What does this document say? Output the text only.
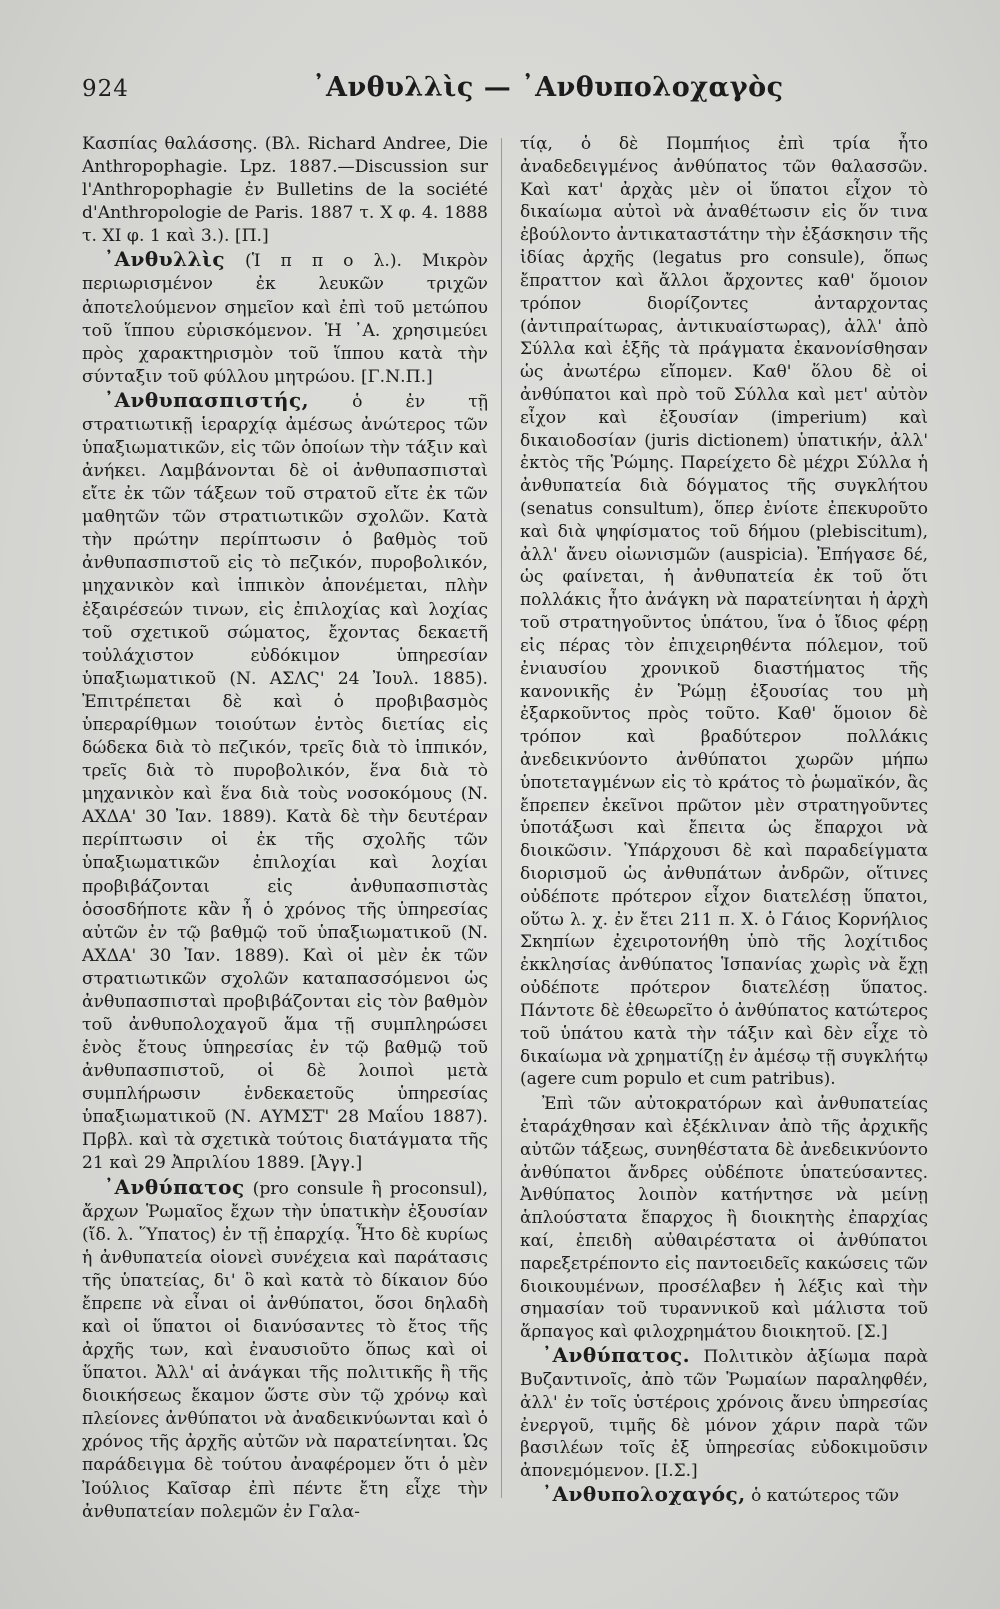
924	᾿Ανθυλλὶς — ᾿Ανθυπολοχαγὸς

Κασπίας θαλάσσης. (Βλ. Richard Andree, Die Anthropophagie. Lpz. 1887.—Discussion sur l'Anthropophagie ἐν Bulletins de la société d'Anthropologie de Paris. 1887 τ. X φ. 4. 1888 τ. XI φ. 1 καὶ 3.). [Π.]

᾿Ανθυλλὶς (Ἱ π π ο λ.). Μικρὸν περιωρισμένον ἐκ λευκῶν τριχῶν ἀποτελούμενον σημεῖον καὶ ἐπὶ τοῦ μετώπου τοῦ ἵππου εὑρισκόμενον. Ἡ ᾿Α. χρησιμεύει πρὸς χαρακτηρισμὸν τοῦ ἵππου κατὰ τὴν σύνταξιν τοῦ φύλλου μητρώου. [Γ.Ν.Π.]

᾿Ανθυπασπιστής, ὁ ἐν τῇ στρατιωτικῇ ἱεραρχίᾳ ἀμέσως ἀνώτερος τῶν ὑπαξιωματικῶν, εἰς τῶν ὁποίων τὴν τάξιν καὶ ἀνήκει. Λαμβάνονται δὲ οἱ ἀνθυπασπισταὶ εἴτε ἐκ τῶν τάξεων τοῦ στρατοῦ εἴτε ἐκ τῶν μαθητῶν τῶν στρατιωτικῶν σχολῶν. Κατὰ τὴν πρώτην περίπτωσιν ὁ βαθμὸς τοῦ ἀνθυπασπιστοῦ εἰς τὸ πεζικόν, πυροβολικόν, μηχανικὸν καὶ ἱππικὸν ἀπονέμεται, πλὴν ἐξαιρέσεών τινων, εἰς ἐπιλοχίας καὶ λοχίας τοῦ σχετικοῦ σώματος, ἔχοντας δεκαετῆ τοὐλάχιστον εὐδόκιμον ὑπηρεσίαν ὑπαξιωματικοῦ (Ν. ΑΣΛϚ' 24 Ἰουλ. 1885). Ἐπιτρέπεται δὲ καὶ ὁ προβιβασμὸς ὑπεραρίθμων τοιούτων ἐντὸς διετίας εἰς δώδεκα διὰ τὸ πεζικόν, τρεῖς διὰ τὸ ἱππικόν, τρεῖς διὰ τὸ πυροβολικόν, ἕνα διὰ τὸ μηχανικὸν καὶ ἕνα διὰ τοὺς νοσοκόμους (Ν. ΑΧΔΑ' 30 Ἰαν. 1889). Κατὰ δὲ τὴν δευτέραν περίπτωσιν οἱ ἐκ τῆς σχολῆς τῶν ὑπαξιωματικῶν ἐπιλοχίαι καὶ λοχίαι προβιβάζονται εἰς ἀνθυπασπιστὰς ὁσοσδήποτε κἂν ἦ ὁ χρόνος τῆς ὑπηρεσίας αὐτῶν ἐν τῷ βαθμῷ τοῦ ὑπαξιωματικοῦ (Ν. ΑΧΔΑ' 30 Ἰαν. 1889). Καὶ οἱ μὲν ἐκ τῶν στρατιωτικῶν σχολῶν καταπασσόμενοι ὡς ἀνθυπασπισταὶ προβιβάζονται εἰς τὸν βαθμὸν τοῦ ἀνθυπολοχαγοῦ ἅμα τῇ συμπληρώσει ἑνὸς ἔτους ὑπηρεσίας ἐν τῷ βαθμῷ τοῦ ἀνθυπασπιστοῦ, οἱ δὲ λοιποὶ μετὰ συμπλήρωσιν ἑνδεκαετοῦς ὑπηρεσίας ὑπαξιωματικοῦ (Ν. ΑΥΜΣΤ' 28 Μαΐου 1887). Πρβλ. καὶ τὰ σχετικὰ τούτοις διατάγματα τῆς 21 καὶ 29 Ἀπριλίου 1889. [Ἀγγ.]

᾿Ανθύπατος (pro consule ἢ proconsul), ἄρχων Ῥωμαῖος ἔχων τὴν ὑπατικὴν ἐξουσίαν (ἴδ. λ. Ὕπατος) ἐν τῇ ἐπαρχίᾳ. Ἦτο δὲ κυρίως ἡ ἀνθυπατεία οἱονεὶ συνέχεια καὶ παράτασις τῆς ὑπατείας, δι' ὃ καὶ κατὰ τὸ δίκαιον δύο ἔπρεπε νὰ εἶναι οἱ ἀνθύπατοι, ὅσοι δηλαδὴ καὶ οἱ ὕπατοι οἱ διανύσαντες τὸ ἔτος τῆς ἀρχῆς των, καὶ ἐναυσιοῦτο ὅπως καὶ οἱ ὕπατοι. Ἀλλ' αἱ ἀνάγκαι τῆς πολιτικῆς ἢ τῆς διοικήσεως ἔκαμον ὥστε σὺν τῷ χρόνῳ καὶ πλείονες ἀνθύπατοι νὰ ἀναδεικνύωνται καὶ ὁ χρόνος τῆς ἀρχῆς αὐτῶν νὰ παρατείνηται. Ὡς παράδειγμα δὲ τούτου ἀναφέρομεν ὅτι ὁ μὲν Ἰούλιος Καῖσαρ ἐπὶ πέντε ἔτη εἶχε τὴν ἀνθυπατείαν πολεμῶν ἐν Γαλα-

τίᾳ, ὁ δὲ Πομπήιος ἐπὶ τρία ἦτο ἀναδεδειγμένος ἀνθύπατος τῶν θαλασσῶν. Καὶ κατ' ἀρχὰς μὲν οἱ ὕπατοι εἶχον τὸ δικαίωμα αὐτοὶ νὰ ἀναθέτωσιν εἰς ὅν τινα ἐβούλοντο ἀντικαταστάτην τὴν ἐξάσκησιν τῆς ἰδίας ἀρχῆς (legatus pro consule), ὅπως ἔπραττον καὶ ἄλλοι ἄρχοντες καθ' ὅμοιον τρόπον διορίζοντες ἀνταρχοντας (ἀντιπραίτωρας, ἀντικυαίστωρας), ἀλλ' ἀπὸ Σύλλα καὶ ἑξῆς τὰ πράγματα ἐκανονίσθησαν ὡς ἀνωτέρω εἴπομεν. Καθ' ὅλου δὲ οἱ ἀνθύπατοι καὶ πρὸ τοῦ Σύλλα καὶ μετ' αὐτὸν εἶχον καὶ ἐξουσίαν (imperium) καὶ δικαιοδοσίαν (juris dictionem) ὑπατικήν, ἀλλ' ἐκτὸς τῆς Ῥώμης. Παρείχετο δὲ μέχρι Σύλλα ἡ ἀνθυπατεία διὰ δόγματος τῆς συγκλήτου (senatus consultum), ὅπερ ἐνίοτε ἐπεκυροῦτο καὶ διὰ ψηφίσματος τοῦ δήμου (plebiscitum), ἀλλ' ἄνευ οἰωνισμῶν (auspicia). Ἐπήγασε δέ, ὡς φαίνεται, ἡ ἀνθυπατεία ἐκ τοῦ ὅτι πολλάκις ἦτο ἀνάγκη νὰ παρατείνηται ἡ ἀρχὴ τοῦ στρατηγοῦντος ὑπάτου, ἵνα ὁ ἴδιος φέρῃ εἰς πέρας τὸν ἐπιχειρηθέντα πόλεμον, τοῦ ἐνιαυσίου χρονικοῦ διαστήματος τῆς κανονικῆς ἐν Ῥώμῃ ἐξουσίας του μὴ ἐξαρκοῦντος πρὸς τοῦτο. Καθ' ὅμοιον δὲ τρόπον καὶ βραδύτερον πολλάκις ἀνεδεικνύοντο ἀνθύπατοι χωρῶν μήπω ὑποτεταγμένων εἰς τὸ κράτος τὸ ῥωμαϊκόν, ἃς ἔπρεπεν ἐκεῖνοι πρῶτον μὲν στρατηγοῦντες ὑποτάξωσι καὶ ἔπειτα ὡς ἔπαρχοι νὰ διοικῶσιν. Ὑπάρχουσι δὲ καὶ παραδείγματα διορισμοῦ ὡς ἀνθυπάτων ἀνδρῶν, οἵτινες οὐδέποτε πρότερον εἶχον διατελέσῃ ὕπατοι, οὕτω λ. χ. ἐν ἔτει 211 π. Χ. ὁ Γάιος Κορνήλιος Σκηπίων ἐχειροτονήθη ὑπὸ τῆς λοχίτιδος ἐκκλησίας ἀνθύπατος Ἱσπανίας χωρὶς νὰ ἔχῃ οὐδέποτε πρότερον διατελέσῃ ὕπατος. Πάντοτε δὲ ἐθεωρεῖτο ὁ ἀνθύπατος κατώτερος τοῦ ὑπάτου κατὰ τὴν τάξιν καὶ δὲν εἶχε τὸ δικαίωμα νὰ χρηματίζῃ ἐν ἀμέσῳ τῇ συγκλήτῳ (agere cum populo et cum patribus).

Ἐπὶ τῶν αὐτοκρατόρων καὶ ἀνθυπατείας ἐταράχθησαν καὶ ἐξέκλιναν ἀπὸ τῆς ἀρχικῆς αὐτῶν τάξεως, συνηθέστατα δὲ ἀνεδεικνύοντο ἀνθύπατοι ἄνδρες οὐδέποτε ὑπατεύσαντες. Ἀνθύπατος λοιπὸν κατήντησε νὰ μείνῃ ἁπλούστατα ἔπαρχος ἢ διοικητὴς ἐπαρχίας καί, ἐπειδὴ αὐθαιρέστατα οἱ ἀνθύπατοι παρεξετρέποντο εἰς παντοειδεῖς κακώσεις τῶν διοικουμένων, προσέλαβεν ἡ λέξις καὶ τὴν σημασίαν τοῦ τυραννικοῦ καὶ μάλιστα τοῦ ἅρπαγος καὶ φιλοχρημάτου διοικητοῦ. [Σ.]

᾿Ανθύπατος. Πολιτικὸν ἀξίωμα παρὰ Βυζαντινοῖς, ἀπὸ τῶν Ῥωμαίων παραληφθέν, ἀλλ' ἐν τοῖς ὑστέροις χρόνοις ἄνευ ὑπηρεσίας ἐνεργοῦ, τιμῆς δὲ μόνον χάριν παρὰ τῶν βασιλέων τοῖς ἐξ ὑπηρεσίας εὐδοκιμοῦσιν ἀπονεμόμενον. [Ι.Σ.]

᾿Ανθυπολοχαγός, ὁ κατώτερος τῶν
